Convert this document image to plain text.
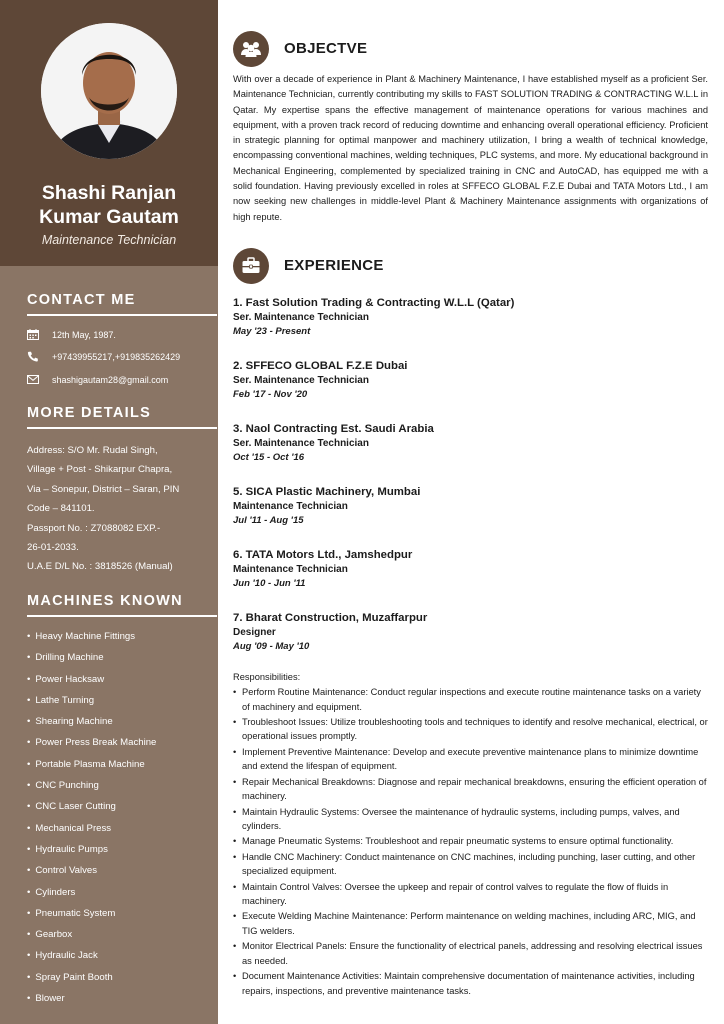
Shashi Ranjan
Kumar Gautam
Maintenance Technician
CONTACT ME
12th May, 1987.
+97439955217,+919835262429
shashigautam28@gmail.com
MORE DETAILS
Address: S/O Mr. Rudal Singh,
Village + Post - Shikarpur Chapra,
Via – Sonepur, District – Saran, PIN
Code – 841101.
Passport No. : Z7088082 EXP.-
26-01-2033.
U.A.E D/L No. : 3818526 (Manual)
MACHINES KNOWN
• Heavy Machine Fittings
• Drilling Machine
• Power Hacksaw
• Lathe Turning
• Shearing Machine
• Power Press Break Machine
• Portable Plasma Machine
• CNC Punching
• CNC Laser Cutting
• Mechanical Press
• Hydraulic Pumps
• Control Valves
• Cylinders
• Pneumatic System
• Gearbox
• Hydraulic Jack
• Spray Paint Booth
• Blower
OBJECTVE

With over a decade of experience in Plant & Machinery Maintenance, I have established myself as a proficient Ser. Maintenance Technician, currently contributing my skills to FAST SOLUTION TRADING & CONTRACTING W.L.L in Qatar. My expertise spans the effective management of maintenance operations for various machines and equipment, with a proven track record of reducing downtime and enhancing overall operational efficiency. Proficient in strategic planning for optimal manpower and machinery utilization, I bring a wealth of technical knowledge, encompassing conventional machines, welding techniques, PLC systems, and more. My educational background in Mechanical Engineering, complemented by specialized training in CNC and AutoCAD, has equipped me with a solid foundation. Having previously excelled in roles at SFFECO GLOBAL F.Z.E Dubai and TATA Motors Ltd., I am now seeking new challenges in middle-level Plant & Machinery Maintenance assignments with organizations of high repute.

EXPERIENCE
1. Fast Solution Trading & Contracting W.L.L (Qatar)
Ser. Maintenance Technician
May '23 - Present
2. SFFECO GLOBAL F.Z.E Dubai
Ser. Maintenance Technician
Feb '17 - Nov '20
3. Naol Contracting Est. Saudi Arabia
Ser. Maintenance Technician
Oct '15 - Oct '16
5. SICA Plastic Machinery, Mumbai
Maintenance Technician
Jul '11 - Aug '15
6. TATA Motors Ltd., Jamshedpur
Maintenance Technician
Jun '10 - Jun '11
7. Bharat Construction, Muzaffarpur
Designer
Aug '09 - May '10
Responsibilities:
• Perform Routine Maintenance: Conduct regular inspections and execute routine maintenance tasks on a variety of machinery and equipment.
• Troubleshoot Issues: Utilize troubleshooting tools and techniques to identify and resolve mechanical, electrical, or operational issues promptly.
• Implement Preventive Maintenance: Develop and execute preventive maintenance plans to minimize downtime and extend the lifespan of equipment.
• Repair Mechanical Breakdowns: Diagnose and repair mechanical breakdowns, ensuring the efficient operation of machinery.
• Maintain Hydraulic Systems: Oversee the maintenance of hydraulic systems, including pumps, valves, and cylinders.
• Manage Pneumatic Systems: Troubleshoot and repair pneumatic systems to ensure optimal functionality.
• Handle CNC Machinery: Conduct maintenance on CNC machines, including punching, laser cutting, and other specialized equipment.
• Maintain Control Valves: Oversee the upkeep and repair of control valves to regulate the flow of fluids in machinery.
• Execute Welding Machine Maintenance: Perform maintenance on welding machines, including ARC, MIG, and TIG welders.
• Monitor Electrical Panels: Ensure the functionality of electrical panels, addressing and resolving electrical issues as needed.
• Document Maintenance Activities: Maintain comprehensive documentation of maintenance activities, including repairs, inspections, and preventive maintenance tasks.
